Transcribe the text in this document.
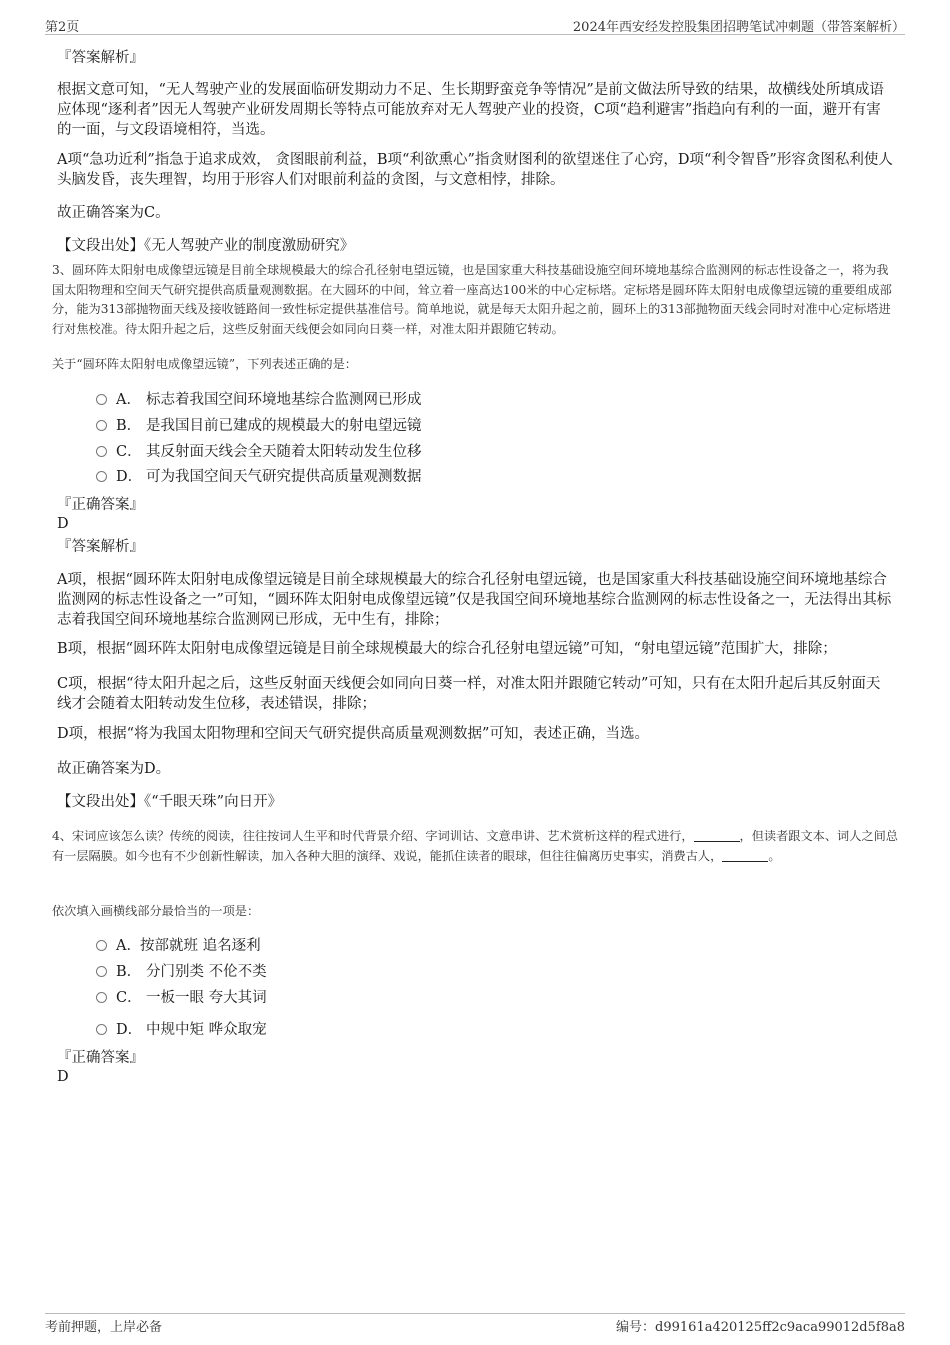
第2页	2024年西安经发控股集团招聘笔试冲刺题（带答案解析）
『答案解析』
根据文意可知，“无人驾驶产业的发展面临研发期动力不足、生长期野蛮竞争等情况”是前文做法所导致的结果，故横线处所填成语应体现“逐利者”因无人驾驶产业研发周期长等特点可能放弃对无人驾驶产业的投资，C项“趋利避害”指趋向有利的一面，避开有害的一面，与文段语境相符，当选。
A项“急功近利”指急于追求成效， 贪图眼前利益，B项“利欲熏心”指贪财图利的欲望迷住了心窍，D项“利令智昏”形容贪图私利使人头脑发昏，丧失理智，均用于形容人们对眼前利益的贪图，与文意相悖，排除。
故正确答案为C。
【文段出处】《无人驾驶产业的制度激励研究》
3、圆环阵太阳射电成像望远镜是目前全球规模最大的综合孔径射电望远镜，也是国家重大科技基础设施空间环境地基综合监测网的标志性设备之一，将为我国太阳物理和空间天气研究提供高质量观测数据。在大圆环的中间，耸立着一座高达100米的中心定标塔。定标塔是圆环阵太阳射电成像望远镜的重要组成部分，能为313部抛物面天线及接收链路间一致性标定提供基准信号。简单地说，就是每天太阳升起之前，圆环上的313部抛物面天线会同时对准中心定标塔进行对焦校准。待太阳升起之后，这些反射面天线便会如同向日葵一样，对准太阳并跟随它转动。
关于“圆环阵太阳射电成像望远镜”，下列表述正确的是：
A． 标志着我国空间环境地基综合监测网已形成
B． 是我国目前已建成的规模最大的射电望远镜
C． 其反射面天线会全天随着太阳转动发生位移
D． 可为我国空间天气研究提供高质量观测数据
『正确答案』
D
『答案解析』
A项，根据“圆环阵太阳射电成像望远镜是目前全球规模最大的综合孔径射电望远镜，也是国家重大科技基础设施空间环境地基综合监测网的标志性设备之一”可知，“圆环阵太阳射电成像望远镜”仅是我国空间环境地基综合监测网的标志性设备之一，无法得出其标志着我国空间环境地基综合监测网已形成，无中生有，排除；
B项，根据“圆环阵太阳射电成像望远镜是目前全球规模最大的综合孔径射电望远镜”可知，“射电望远镜”范围扩大，排除；
C项，根据“待太阳升起之后，这些反射面天线便会如同向日葵一样，对准太阳并跟随它转动”可知，只有在太阳升起后其反射面天线才会随着太阳转动发生位移，表述错误，排除；
D项，根据“将为我国太阳物理和空间天气研究提供高质量观测数据”可知，表述正确，当选。
故正确答案为D。
【文段出处】《“千眼天珠”向日开》
4、宋词应该怎么读？传统的阅读，往往按词人生平和时代背景介绍、字词训诂、文意串讲、艺术赏析这样的程式进行，	，但读者跟文本、词人之间总有一层隔膜。如今也有不少创新性解读，加入各种大胆的演绎、戏说，能抓住读者的眼球，但往往偏离历史事实，消费古人，	。
依次填入画横线部分最恰当的一项是：
A．按部就班 追名逐利
B． 分门别类 不伦不类
C． 一板一眼 夸大其词
D． 中规中矩 哗众取宠
『正确答案』
D
考前押题，上岸必备	编号：d99161a420125ff2c9aca99012d5f8a8
